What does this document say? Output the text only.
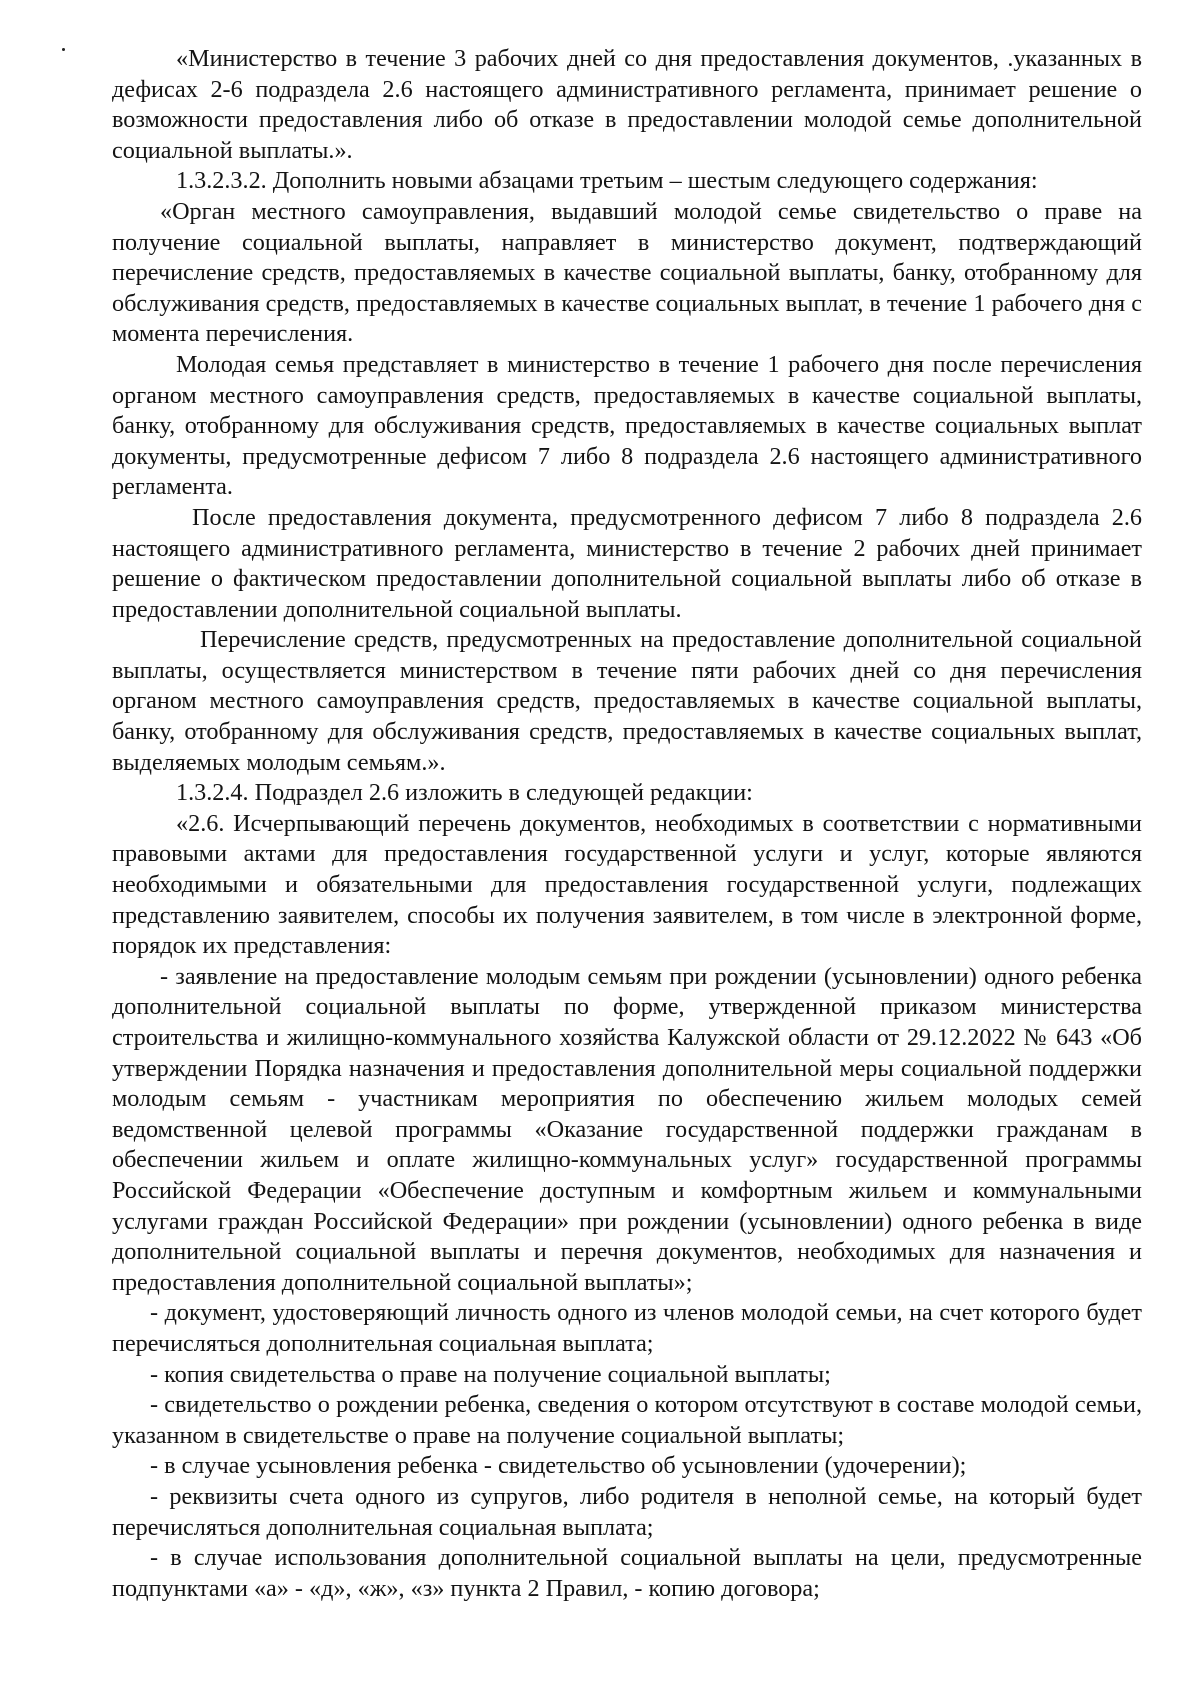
«Министерство в течение 3 рабочих дней со дня предоставления документов, .указанных в дефисах 2-6 подраздела 2.6 настоящего административного регламента, принимает решение о возможности предоставления либо об отказе в предоставлении молодой семье дополнительной социальной выплаты.».

1.3.2.3.2. Дополнить новыми абзацами третьим – шестым следующего содержания:

«Орган местного самоуправления, выдавший молодой семье свидетельство о праве на получение социальной выплаты, направляет в министерство документ, подтверждающий перечисление средств, предоставляемых в качестве социальной выплаты, банку, отобранному для обслуживания средств, предоставляемых в качестве социальных выплат, в течение 1 рабочего дня с момента перечисления.

Молодая семья представляет в министерство в течение 1 рабочего дня после перечисления органом местного самоуправления средств, предоставляемых в качестве социальной выплаты, банку, отобранному для обслуживания средств, предоставляемых в качестве социальных выплат документы, предусмотренные дефисом 7 либо 8 подраздела 2.6 настоящего административного регламента.

После предоставления документа, предусмотренного дефисом 7 либо 8 подраздела 2.6 настоящего административного регламента, министерство в течение 2 рабочих дней принимает решение о фактическом предоставлении дополнительной социальной выплаты либо об отказе в предоставлении дополнительной социальной выплаты.

Перечисление средств, предусмотренных на предоставление дополнительной социальной выплаты, осуществляется министерством в течение пяти рабочих дней со дня перечисления органом местного самоуправления средств, предоставляемых в качестве социальной выплаты, банку, отобранному для обслуживания средств, предоставляемых в качестве социальных выплат, выделяемых молодым семьям.».

1.3.2.4. Подраздел 2.6 изложить в следующей редакции:

«2.6. Исчерпывающий перечень документов, необходимых в соответствии с нормативными правовыми актами для предоставления государственной услуги и услуг, которые являются необходимыми и обязательными для предоставления государственной услуги, подлежащих представлению заявителем, способы их получения заявителем, в том числе в электронной форме, порядок их представления:

- заявление на предоставление молодым семьям при рождении (усыновлении) одного ребенка дополнительной социальной выплаты по форме, утвержденной приказом министерства строительства и жилищно-коммунального хозяйства Калужской области от 29.12.2022 № 643 «Об утверждении Порядка назначения и предоставления дополнительной меры социальной поддержки молодым семьям - участникам мероприятия по обеспечению жильем молодых семей ведомственной целевой программы «Оказание государственной поддержки гражданам в обеспечении жильем и оплате жилищно-коммунальных услуг» государственной программы Российской Федерации «Обеспечение доступным и комфортным жильем и коммунальными услугами граждан Российской Федерации» при рождении (усыновлении) одного ребенка в виде дополнительной социальной выплаты и перечня документов, необходимых для назначения и предоставления дополнительной социальной выплаты»;

- документ, удостоверяющий личность одного из членов молодой семьи, на счет которого будет перечисляться дополнительная социальная выплата;

- копия свидетельства о праве на получение социальной выплаты;

- свидетельство о рождении ребенка, сведения о котором отсутствуют в составе молодой семьи, указанном в свидетельстве о праве на получение социальной выплаты;

- в случае усыновления ребенка - свидетельство об усыновлении (удочерении);

- реквизиты счета одного из супругов, либо родителя в неполной семье, на который будет перечисляться дополнительная социальная выплата;

- в случае использования дополнительной социальной выплаты на цели, предусмотренные подпунктами «а» - «д», «ж», «з» пункта 2 Правил, - копию договора;
